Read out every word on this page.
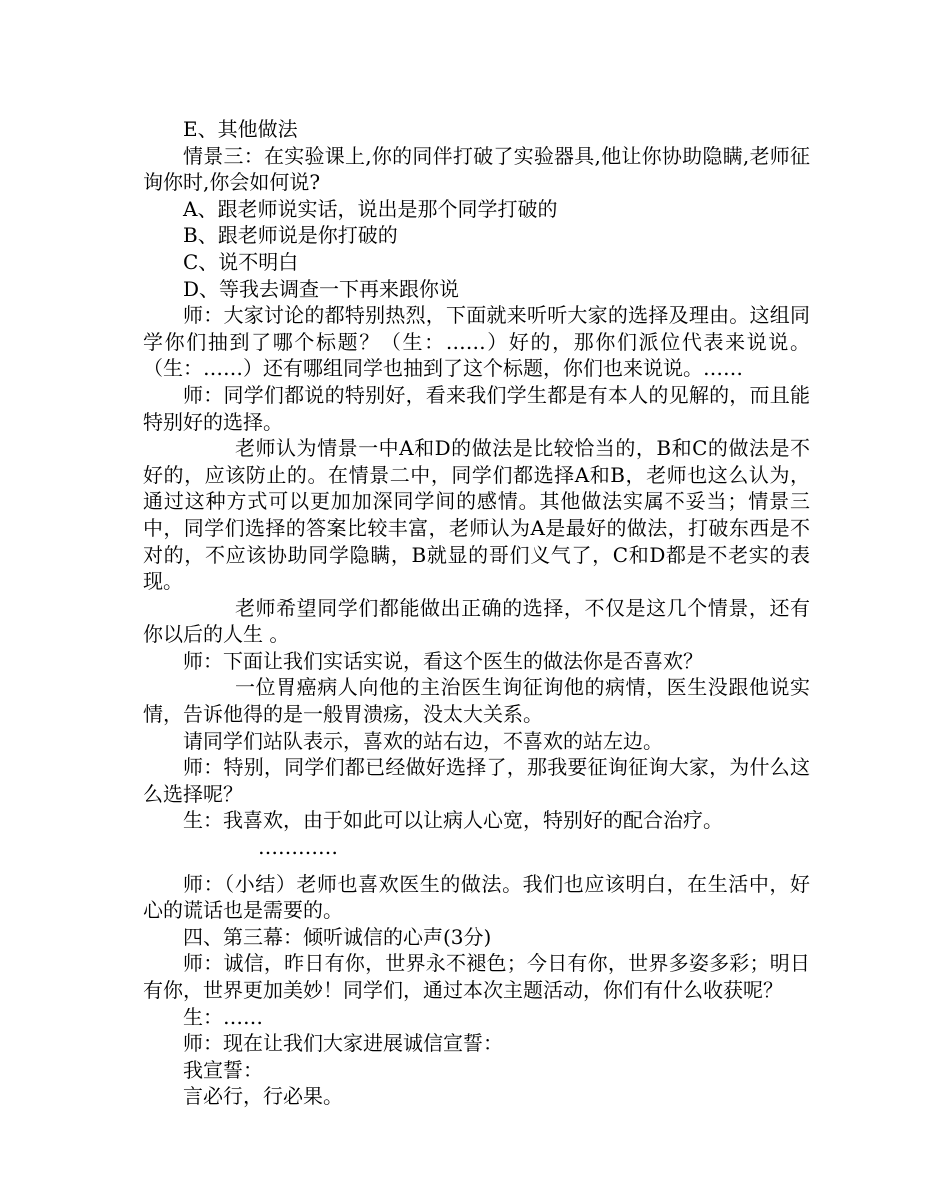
E、其他做法

情景三：在实验课上,你的同伴打破了实验器具,他让你协助隐瞒,老师征询你时,你会如何说?

A、跟老师说实话，说出是那个同学打破的

B、跟老师说是你打破的

C、说不明白

D、等我去调查一下再来跟你说

师：大家讨论的都特别热烈，下面就来听听大家的选择及理由。这组同学你们抽到了哪个标题？（生：……）好的，那你们派位代表来说说。（生：……）还有哪组同学也抽到了这个标题，你们也来说说。……

师：同学们都说的特别好，看来我们学生都是有本人的见解的，而且能特别好的选择。

老师认为情景一中A和D的做法是比较恰当的，B和C的做法是不好的，应该防止的。在情景二中，同学们都选择A和B，老师也这么认为，通过这种方式可以更加加深同学间的感情。其他做法实属不妥当；情景三中，同学们选择的答案比较丰富，老师认为A是最好的做法，打破东西是不对的，不应该协助同学隐瞒，B就显的哥们义气了，C和D都是不老实的表现。

老师希望同学们都能做出正确的选择，不仅是这几个情景，还有你以后的人生 。

师：下面让我们实话实说，看这个医生的做法你是否喜欢？

一位胃癌病人向他的主治医生询征询他的病情，医生没跟他说实情，告诉他得的是一般胃溃疡，没太大关系。

请同学们站队表示，喜欢的站右边，不喜欢的站左边。

师：特别，同学们都已经做好选择了，那我要征询征询大家，为什么这么选择呢？

生：我喜欢，由于如此可以让病人心宽，特别好的配合治疗。

…………

师：（小结）老师也喜欢医生的做法。我们也应该明白，在生活中，好心的谎话也是需要的。

四、第三幕：倾听诚信的心声(3分)

师：诚信，昨日有你，世界永不褪色；今日有你，世界多姿多彩；明日有你，世界更加美妙！同学们，通过本次主题活动，你们有什么收获呢？

生：……

师：现在让我们大家进展诚信宣誓：

我宣誓：

言必行，行必果。
